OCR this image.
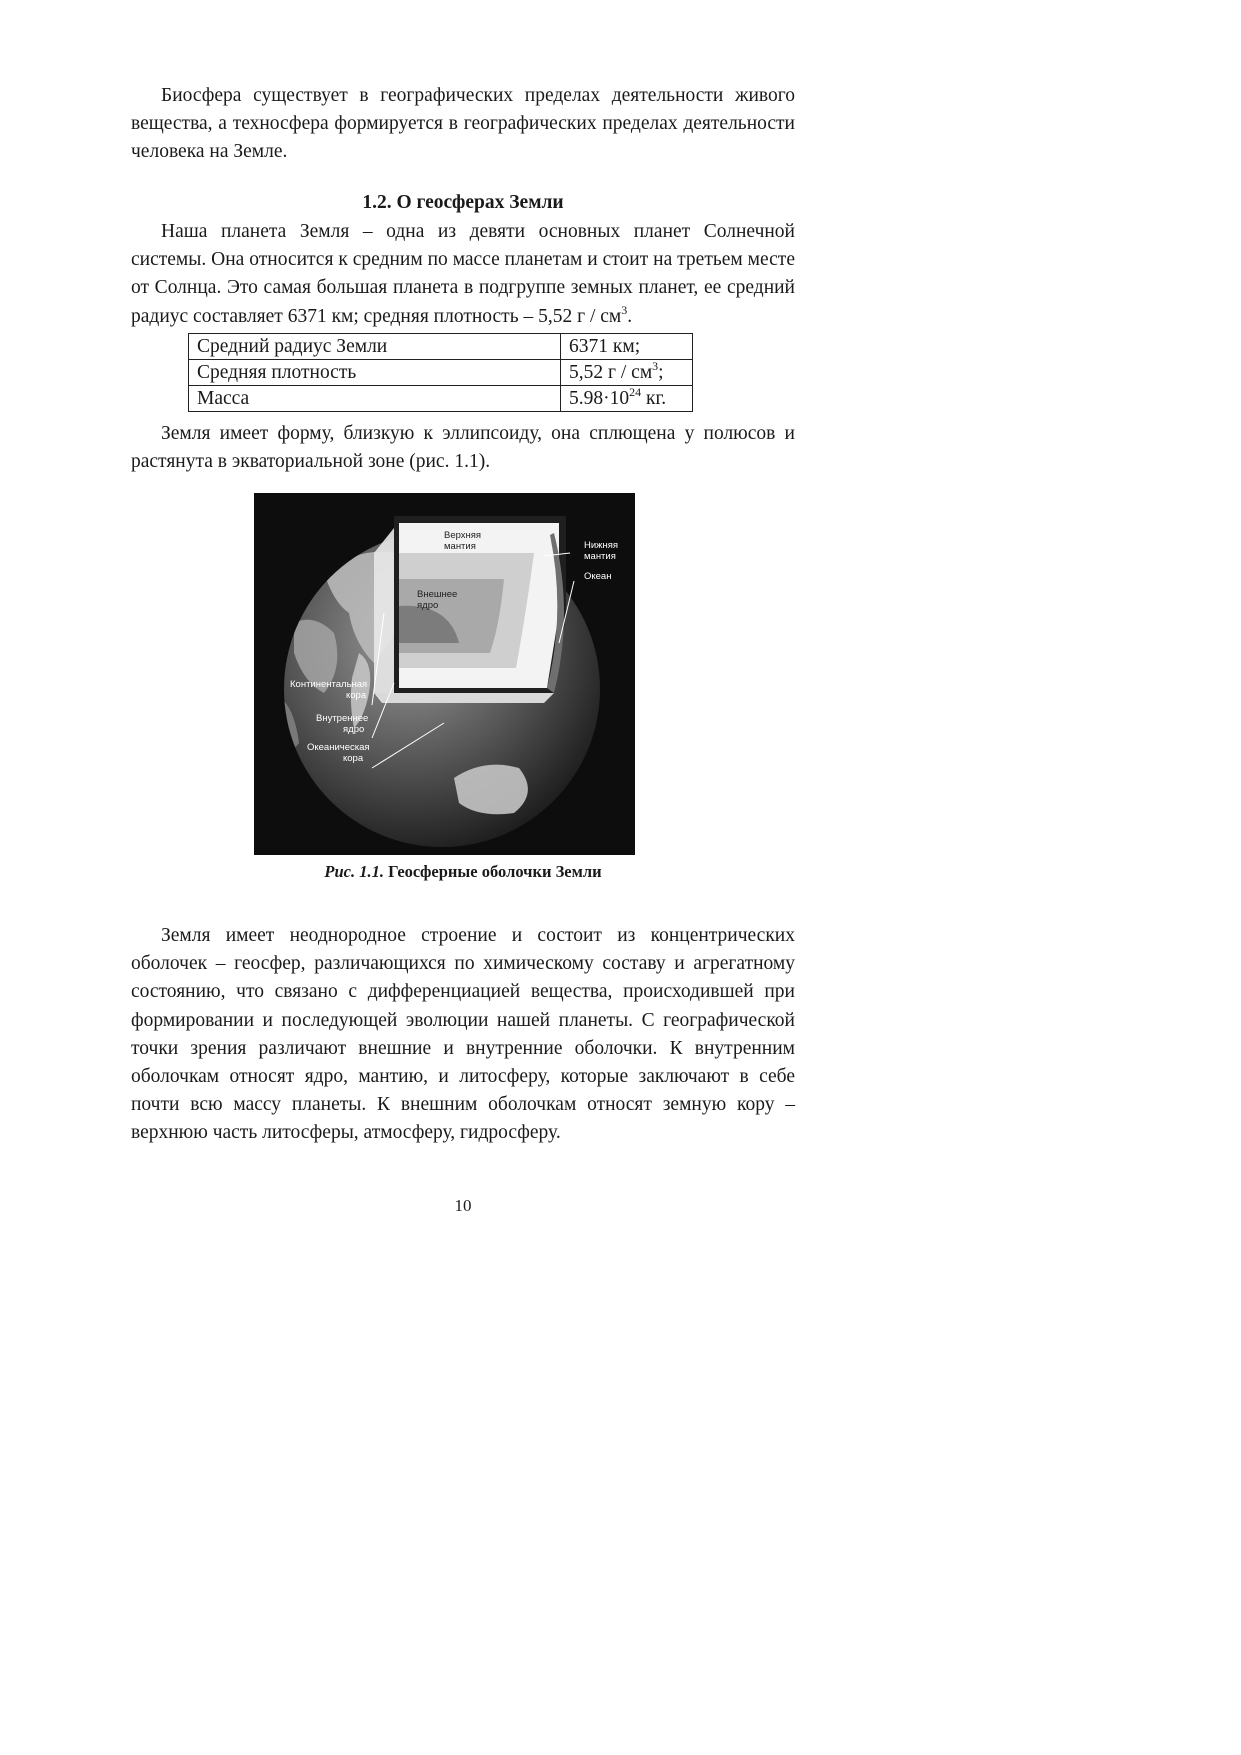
Биосфера существует в географических пределах деятельности живого вещества, а техносфера формируется в географических пределах деятельности человека на Земле.

1.2. О геосферах Земли

Наша планета Земля – одна из девяти основных планет Солнечной системы. Она относится к средним по массе планетам и стоит на третьем месте от Солнца. Это самая большая планета в подгруппе земных планет, ее средний радиус составляет 6371 км; средняя плотность – 5,52 г / $см^3$.

Средний радиус Земли	6371 км;
Средняя плотность	5,52 г / $см^3$;
Масса	$5.98\cdot 10^{24}$ кг.

Земля имеет форму, близкую к эллипсоиду, она сплющена у полюсов и растянута в экваториальной зоне (рис. 1.1).

Верхняя
мантия	Нижняя
мантия
Океан
Внешнее
ядро
Континентальная
кора
Внутреннее
ядро
Океаническая
кора

Рис. 1.1. Геосферные оболочки Земли

Земля имеет неоднородное строение и состоит из концентрических оболочек – геосфер, различающихся по химическому составу и агрегатному состоянию, что связано с дифференциацией вещества, происходившей при формировании и последующей эволюции нашей планеты. С географической точки зрения различают внешние и внутренние оболочки. К внутренним оболочкам относят ядро, мантию, и литосферу, которые заключают в себе почти всю массу планеты. К внешним оболочкам относят земную кору – верхнюю часть литосферы, атмосферу, гидросферу.

10
